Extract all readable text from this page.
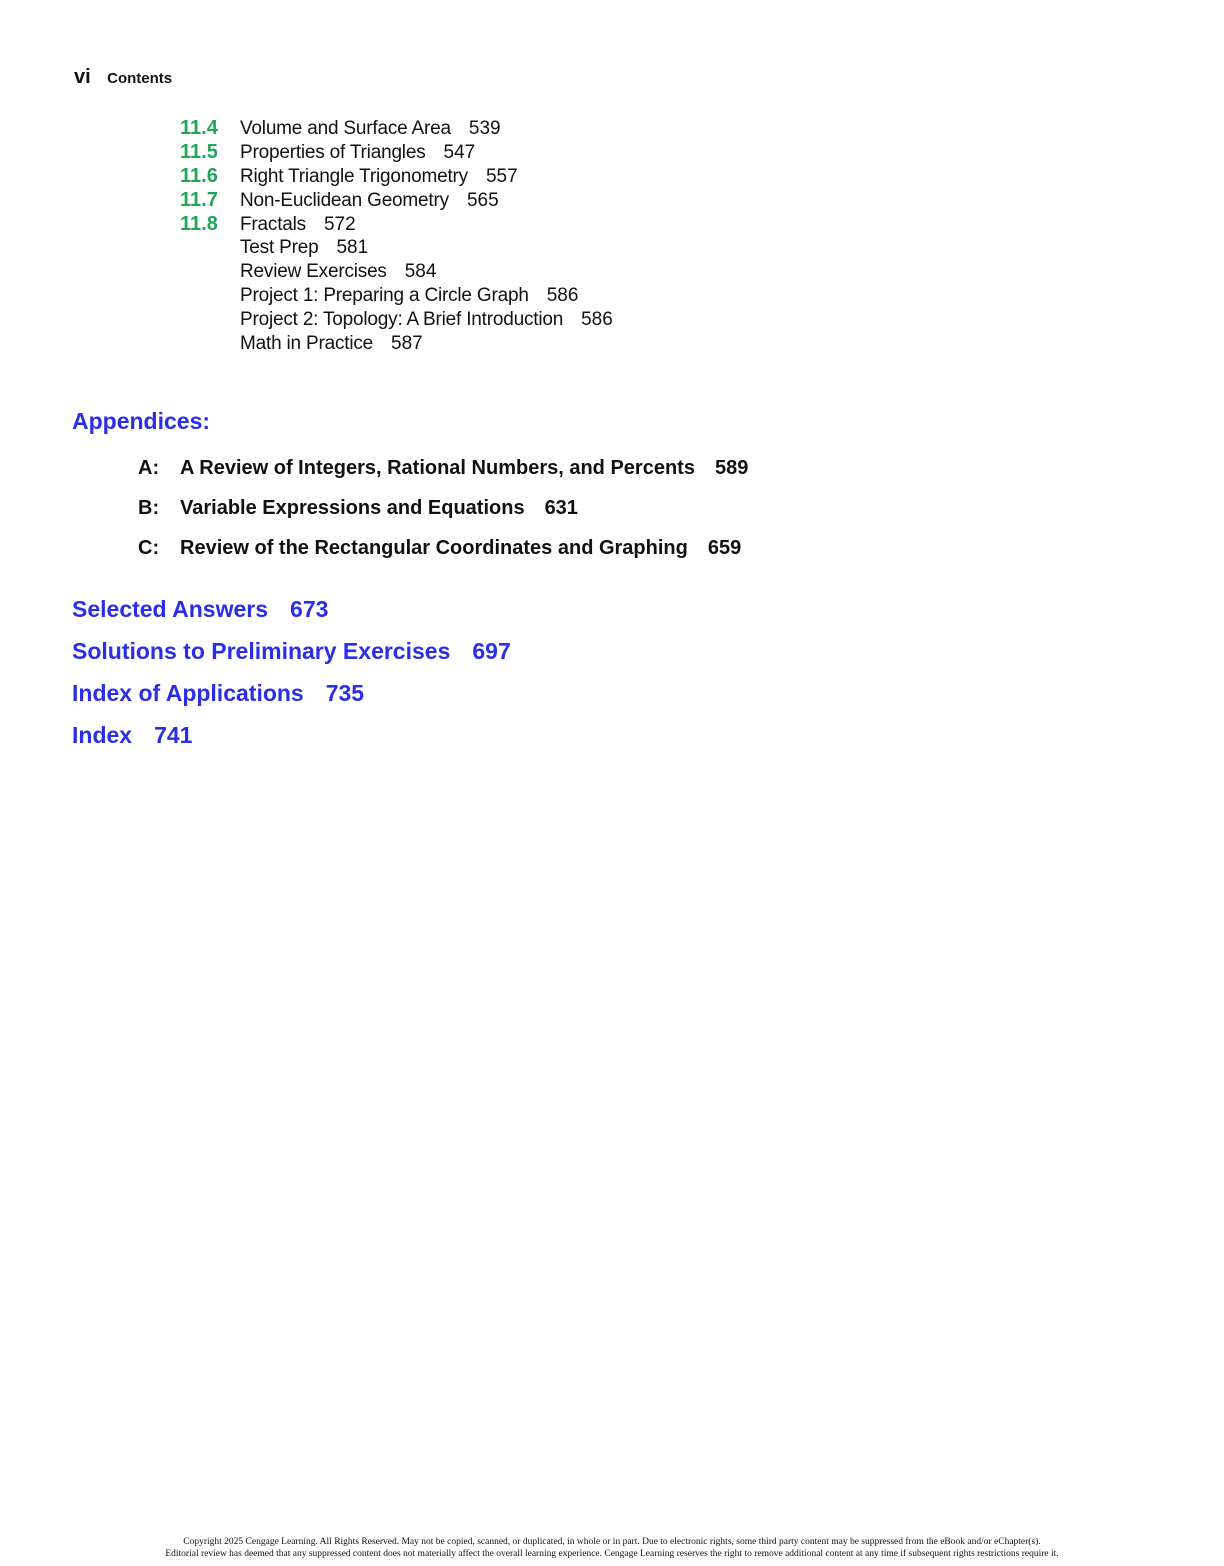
vi Contents
11.4 Volume and Surface Area 539
11.5 Properties of Triangles 547
11.6 Right Triangle Trigonometry 557
11.7 Non-Euclidean Geometry 565
11.8 Fractals 572
Test Prep 581
Review Exercises 584
Project 1: Preparing a Circle Graph 586
Project 2: Topology: A Brief Introduction 586
Math in Practice 587
Appendices:
A: A Review of Integers, Rational Numbers, and Percents 589
B: Variable Expressions and Equations 631
C: Review of the Rectangular Coordinates and Graphing 659
Selected Answers 673
Solutions to Preliminary Exercises 697
Index of Applications 735
Index 741
Copyright 2025 Cengage Learning. All Rights Reserved. May not be copied, scanned, or duplicated, in whole or in part. Due to electronic rights, some third party content may be suppressed from the eBook and/or eChapter(s).
Editorial review has deemed that any suppressed content does not materially affect the overall learning experience. Cengage Learning reserves the right to remove additional content at any time if subsequent rights restrictions require it.
